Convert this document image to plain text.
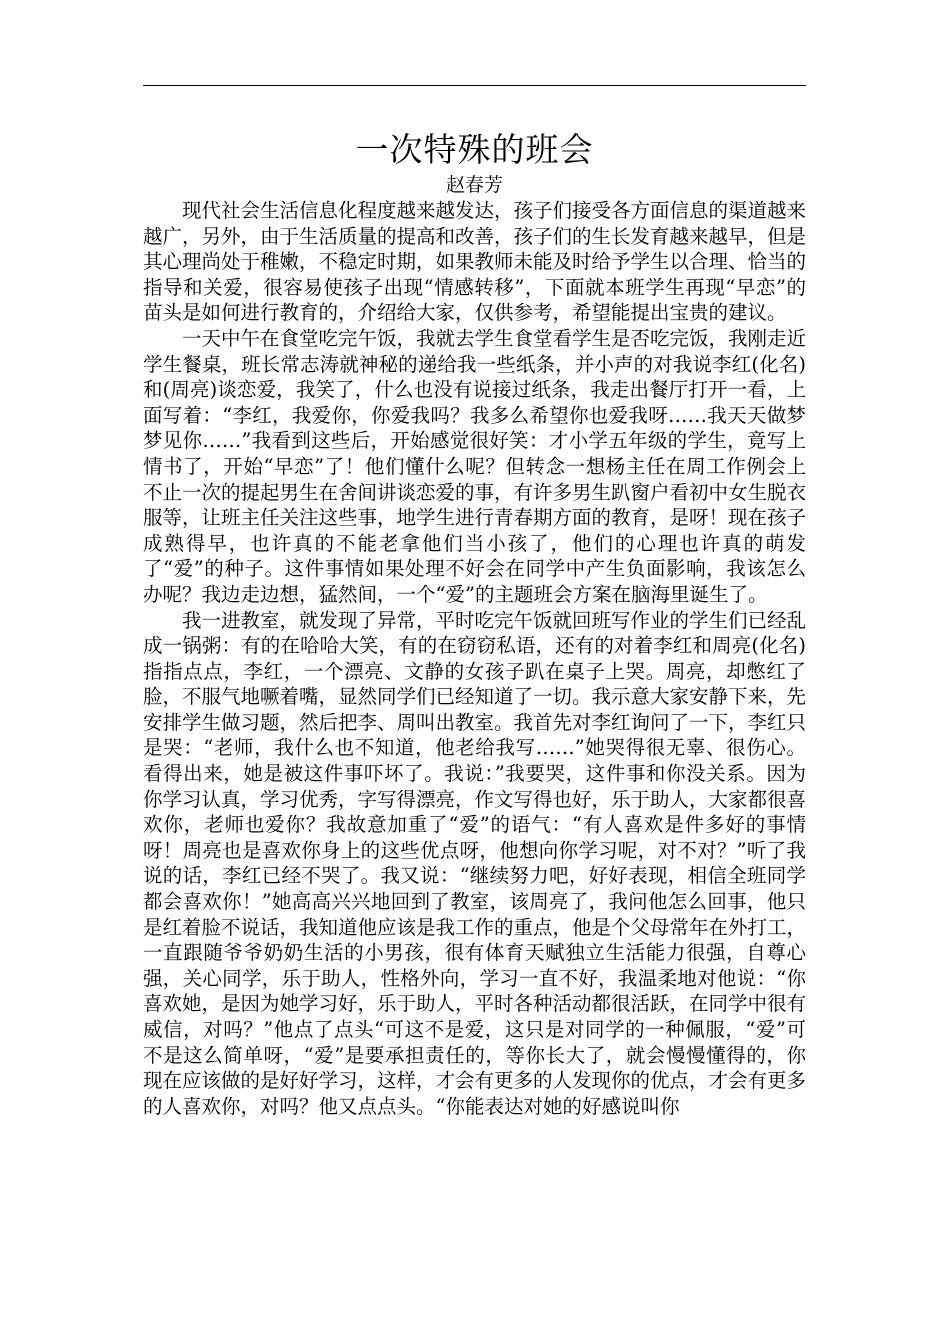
一次特殊的班会

赵春芳

现代社会生活信息化程度越来越发达，孩子们接受各方面信息的渠道越来越广，另外，由于生活质量的提高和改善，孩子们的生长发育越来越早，但是其心理尚处于稚嫩，不稳定时期，如果教师未能及时给予学生以合理、恰当的指导和关爱，很容易使孩子出现“情感转移”，下面就本班学生再现“早恋”的苗头是如何进行教育的，介绍给大家，仅供参考，希望能提出宝贵的建议。

一天中午在食堂吃完午饭，我就去学生食堂看学生是否吃完饭，我刚走近学生餐桌，班长常志涛就神秘的递给我一些纸条，并小声的对我说李红(化名)和(周亮)谈恋爱，我笑了，什么也没有说接过纸条，我走出餐厅打开一看，上面写着：“李红，我爱你，你爱我吗？我多么希望你也爱我呀……我天天做梦梦见你……”我看到这些后，开始感觉很好笑：才小学五年级的学生，竟写上情书了，开始“早恋”了！他们懂什么呢？但转念一想杨主任在周工作例会上不止一次的提起男生在舍间讲谈恋爱的事，有许多男生趴窗户看初中女生脱衣服等，让班主任关注这些事，地学生进行青春期方面的教育，是呀！现在孩子成熟得早，也许真的不能老拿他们当小孩了，他们的心理也许真的萌发了“爱”的种子。这件事情如果处理不好会在同学中产生负面影响，我该怎么办呢？我边走边想，猛然间，一个“爱”的主题班会方案在脑海里诞生了。

我一进教室，就发现了异常，平时吃完午饭就回班写作业的学生们已经乱成一锅粥：有的在哈哈大笑，有的在窃窃私语，还有的对着李红和周亮(化名)指指点点，李红，一个漂亮、文静的女孩子趴在桌子上哭。周亮，却憋红了脸，不服气地噘着嘴，显然同学们已经知道了一切。我示意大家安静下来，先安排学生做习题，然后把李、周叫出教室。我首先对李红询问了一下，李红只是哭：“老师，我什么也不知道，他老给我写……”她哭得很无辜、很伤心。看得出来，她是被这件事吓坏了。我说：”我要哭，这件事和你没关系。因为你学习认真，学习优秀，字写得漂亮，作文写得也好，乐于助人，大家都很喜欢你，老师也爱你？我故意加重了“爱”的语气：“有人喜欢是件多好的事情呀！周亮也是喜欢你身上的这些优点呀，他想向你学习呢，对不对？”听了我说的话，李红已经不哭了。我又说：“继续努力吧，好好表现，相信全班同学都会喜欢你！”她高高兴兴地回到了教室，该周亮了，我问他怎么回事，他只是红着脸不说话，我知道他应该是我工作的重点，他是个父母常年在外打工，一直跟随爷爷奶奶生活的小男孩，很有体育天赋独立生活能力很强，自尊心强，关心同学，乐于助人，性格外向，学习一直不好，我温柔地对他说：“你喜欢她，是因为她学习好，乐于助人，平时各种活动都很活跃，在同学中很有威信，对吗？”他点了点头“可这不是爱，这只是对同学的一种佩服，“爱”可不是这么简单呀，“爱”是要承担责任的，等你长大了，就会慢慢懂得的，你现在应该做的是好好学习，这样，才会有更多的人发现你的优点，才会有更多的人喜欢你，对吗？他又点点头。“你能表达对她的好感说叫你
